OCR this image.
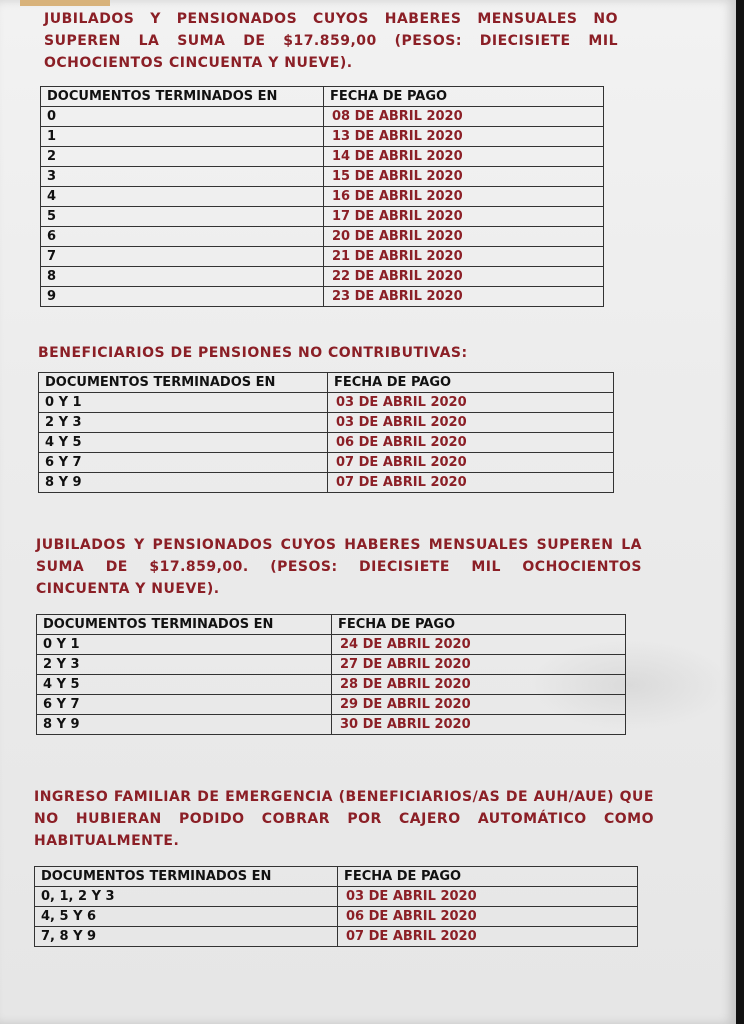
JUBILADOS Y PENSIONADOS CUYOS HABERES MENSUALES NO SUPEREN LA SUMA DE $17.859,00 (PESOS: DIECISIETE MIL OCHOCIENTOS CINCUENTA Y NUEVE).

DOCUMENTOS TERMINADOS EN	FECHA DE PAGO
0	08 DE ABRIL 2020
1	13 DE ABRIL 2020
2	14 DE ABRIL 2020
3	15 DE ABRIL 2020
4	16 DE ABRIL 2020
5	17 DE ABRIL 2020
6	20 DE ABRIL 2020
7	21 DE ABRIL 2020
8	22 DE ABRIL 2020
9	23 DE ABRIL 2020

BENEFICIARIOS DE PENSIONES NO CONTRIBUTIVAS:

DOCUMENTOS TERMINADOS EN	FECHA DE PAGO
0 Y 1	03 DE ABRIL 2020
2 Y 3	03 DE ABRIL 2020
4 Y 5	06 DE ABRIL 2020
6 Y 7	07 DE ABRIL 2020
8 Y 9	07 DE ABRIL 2020

JUBILADOS Y PENSIONADOS CUYOS HABERES MENSUALES SUPEREN LA SUMA DE $17.859,00. (PESOS: DIECISIETE MIL OCHOCIENTOS CINCUENTA Y NUEVE).

DOCUMENTOS TERMINADOS EN	FECHA DE PAGO
0 Y 1	24 DE ABRIL 2020
2 Y 3	27 DE ABRIL 2020
4 Y 5	28 DE ABRIL 2020
6 Y 7	29 DE ABRIL 2020
8 Y 9	30 DE ABRIL 2020

INGRESO FAMILIAR DE EMERGENCIA (BENEFICIARIOS/AS DE AUH/AUE) QUE NO HUBIERAN PODIDO COBRAR POR CAJERO AUTOMÁTICO COMO HABITUALMENTE.

DOCUMENTOS TERMINADOS EN	FECHA DE PAGO
0, 1, 2 Y 3	03 DE ABRIL 2020
4, 5 Y 6	06 DE ABRIL 2020
7, 8 Y 9	07 DE ABRIL 2020
